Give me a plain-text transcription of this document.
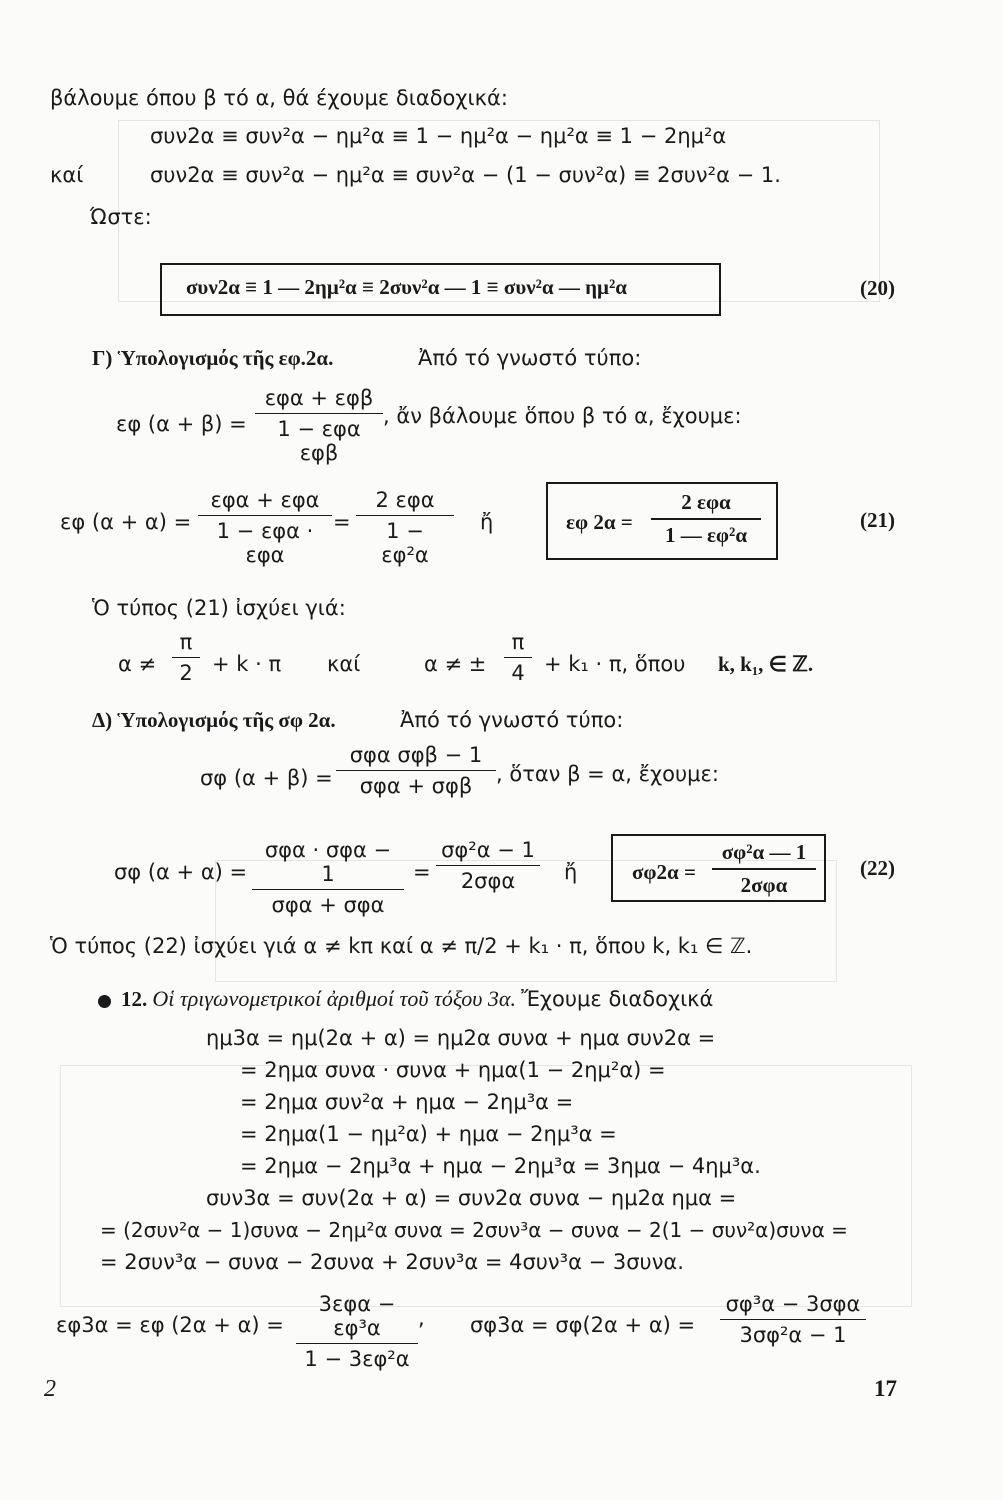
βάλουμε όπου β τό α, θά έχουμε διαδοχικά:
συν2α ≡ συν²α − ημ²α ≡ 1 − ημ²α − ημ²α ≡ 1 − 2ημ²α
καί	συν2α ≡ συν²α − ημ²α ≡ συν²α − (1 − συν²α) ≡ 2συν²α − 1.
Ώστε:
συν2α ≡ 1 — 2ημ²α ≡ 2συν²α — 1 ≡ συν²α — ημ²α	(20)
Γ) Ὑπολογισμός τῆς εφ.2α.	Ἀπό τό γνωστό τύπο:
εφ (α + β) =
εφα + εφβ
1 − εφα εφβ
, ἄν βάλουμε ὅπου β τό α, ἔχουμε:
εφ (α + α) =
εφα + εφα
1 − εφα · εφα
=
2 εφα
1 − εφ²α
ἤ	εφ 2α =
2 εφα
1 — εφ²α
(21)
Ὁ τύπος (21) ἰσχύει γιά:
$\alpha \ne \frac{\pi}{2} + k \cdot \pi$ καί	α ≠ ± $\frac{\pi}{4} + k_1 \cdot \pi$, ὅπου k, k₁, ∈ ℤ.
Δ) Ὑπολογισμός τῆς σφ 2α.	Ἀπό τό γνωστό τύπο:
σφ (α + β) =
σφα σφβ − 1
σφα + σφβ	, ὅταν β = α, ἔχουμε:
σφ (α + α) =
σφα · σφα − 1
σφα + σφα
=
σφ²α − 1
2σφα	ἤ	σφ2α =
σφ²α — 1
2σφα
(22)
Ὁ τύπος (22) ἰσχύει γιά α ≠ kπ καί α ≠ π/2 + k₁ · π, ὅπου k, k₁ ∈ ℤ.
12. Οἱ τριγωνομετρικοί ἀριθμοί τοῦ τόξου 3α. Ἔχουμε διαδοχικά
ημ3α = ημ(2α + α) = ημ2α συνα + ημα συν2α =
= 2ημα συνα · συνα + ημα(1 − 2ημ²α) =
= 2ημα συν²α + ημα − 2ημ³α =
= 2ημα(1 − ημ²α) + ημα − 2ημ³α =
= 2ημα − 2ημ³α + ημα − 2ημ³α = 3ημα − 4ημ³α.
συν3α = συν(2α + α) = συν2α συνα − ημ2α ημα =
= (2συν²α − 1)συνα − 2ημ²α συνα = 2συν³α − συνα − 2(1 − συν²α)συνα =
= 2συν³α − συνα − 2συνα + 2συν³α = 4συν³α − 3συνα.
εφ3α = εφ (2α + α) =
3εφα − εφ³α
1 − 3εφ²α
, σφ3α = σφ(2α + α) =
σφ³α − 3σφα
3σφ²α − 1
2	17
